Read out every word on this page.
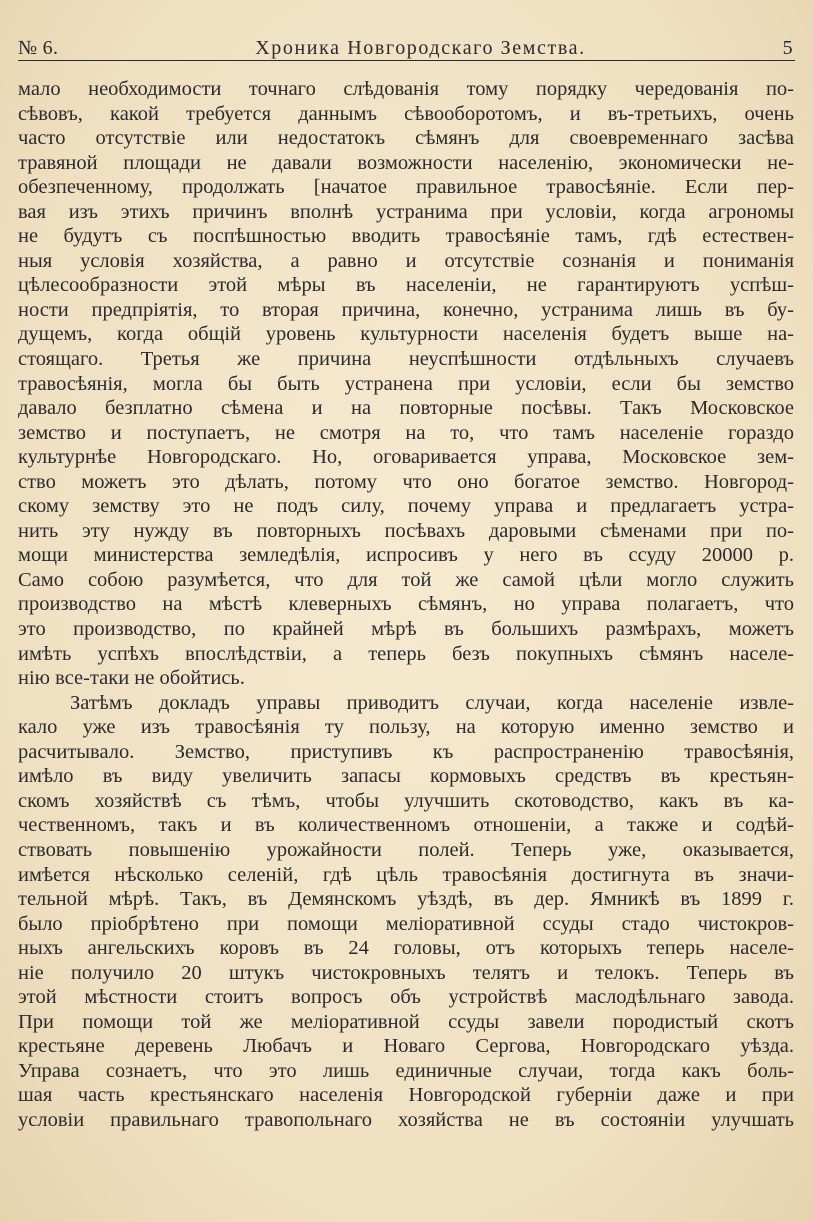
№ 6.	Хроника Новгородскаго Земства.	5
мало необходимости точнаго слѣдованія тому порядку чередованія по-
сѣвовъ, какой требуется даннымъ сѣвооборотомъ, и въ-третьихъ, очень
часто отсутствіе или недостатокъ сѣмянъ для своевременнаго засѣва
травяной площади не давали возможности населенію, экономически не-
обезпеченному, продолжать [начатое правильное травосѣяніе. Если пер-
вая изъ этихъ причинъ вполнѣ устранима при условіи, когда агрономы
не будутъ съ поспѣшностью вводить травосѣяніе тамъ, гдѣ естествен-
ныя условія хозяйства, а равно и отсутствіе сознанія и пониманія
цѣлесообразности этой мѣры въ населеніи, не гарантируютъ успѣш-
ности предпріятія, то вторая причина, конечно, устранима лишь въ бу-
дущемъ, когда общій уровень культурности населенія будетъ выше на-
стоящаго. Третья же причина неуспѣшности отдѣльныхъ случаевъ
травосѣянія, могла бы быть устранена при условіи, если бы земство
давало безплатно сѣмена и на повторные посѣвы. Такъ Московское
земство и поступаетъ, не смотря на то, что тамъ населеніе гораздо
культурнѣе Новгородскаго. Но, оговаривается управа, Московское зем-
ство можетъ это дѣлать, потому что оно богатое земство. Новгород-
скому земству это не подъ силу, почему управа и предлагаетъ устра-
нить эту нужду въ повторныхъ посѣвахъ даровыми сѣменами при по-
мощи министерства земледѣлія, испросивъ у него въ ссуду 20000 р.
Само собою разумѣется, что для той же самой цѣли могло служить
производство на мѣстѣ клеверныхъ сѣмянъ, но управа полагаетъ, что
это производство, по крайней мѣрѣ въ большихъ размѣрахъ, можетъ
имѣть успѣхъ впослѣдствіи, а теперь безъ покупныхъ сѣмянъ населе-
нію все-таки не обойтись.
Затѣмъ докладъ управы приводитъ случаи, когда населеніе извле-
кало уже изъ травосѣянія ту пользу, на которую именно земство и
расчитывало. Земство, приступивъ къ распространенію травосѣянія,
имѣло въ виду увеличить запасы кормовыхъ средствъ въ крестьян-
скомъ хозяйствѣ съ тѣмъ, чтобы улучшить скотоводство, какъ въ ка-
чественномъ, такъ и въ количественномъ отношеніи, а также и содѣй-
ствовать повышенію урожайности полей. Теперь уже, оказывается,
имѣется нѣсколько селеній, гдѣ цѣль травосѣянія достигнута въ значи-
тельной мѣрѣ. Такъ, въ Демянскомъ уѣздѣ, въ дер. Ямникѣ въ 1899 г.
было пріобрѣтено при помощи меліоративной ссуды стадо чистокров-
ныхъ ангельскихъ коровъ въ 24 головы, отъ которыхъ теперь населе-
ніе получило 20 штукъ чистокровныхъ телятъ и телокъ. Теперь въ
этой мѣстности стоитъ вопросъ объ устройствѣ маслодѣльнаго завода.
При помощи той же меліоративной ссуды завели породистый скотъ
крестьяне деревень Любачъ и Новаго Сергова, Новгородскаго уѣзда.
Управа сознаетъ, что это лишь единичные случаи, тогда какъ боль-
шая часть крестьянскаго населенія Новгородской губерніи даже и при
условіи правильнаго травопольнаго хозяйства не въ состояніи улучшать
